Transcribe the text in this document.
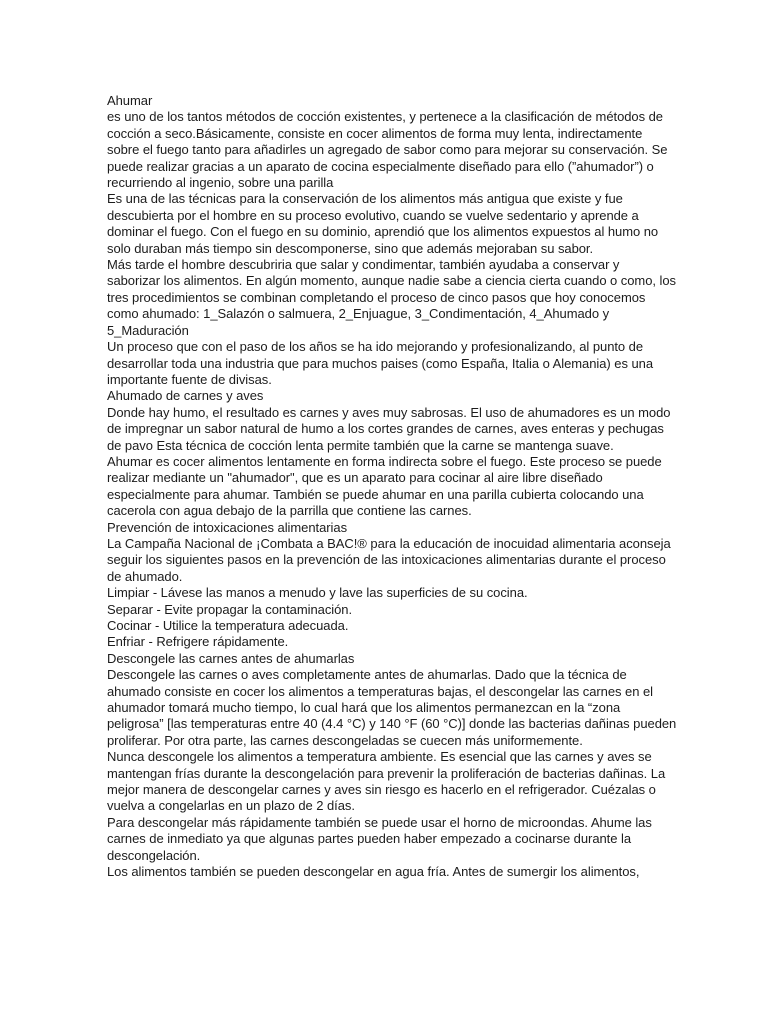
Ahumar
es uno de los tantos métodos de cocción existentes, y pertenece a la clasificación de métodos de
cocción a seco.Básicamente, consiste en cocer alimentos de forma muy lenta, indirectamente
sobre el fuego tanto para añadirles un agregado de sabor como para mejorar su conservación. Se
puede realizar gracias a un aparato de cocina especialmente diseñado para ello (”ahumador”) o
recurriendo al ingenio, sobre una parilla
Es una de las técnicas para la conservación de los alimentos más antigua que existe y fue
descubierta por el hombre en su proceso evolutivo, cuando se vuelve sedentario y aprende a
dominar el fuego. Con el fuego en su dominio, aprendió que los alimentos expuestos al humo no
solo duraban más tiempo sin descomponerse, sino que además mejoraban su sabor.
Más tarde el hombre descubriria que salar y condimentar, también ayudaba a conservar y
saborizar los alimentos. En algún momento, aunque nadie sabe a ciencia cierta cuando o como, los
tres procedimientos se combinan completando el proceso de cinco pasos que hoy conocemos
como ahumado: 1_Salazón o salmuera, 2_Enjuague, 3_Condimentación, 4_Ahumado y
5_Maduración
Un proceso que con el paso de los años se ha ido mejorando y profesionalizando, al punto de
desarrollar toda una industria que para muchos paises (como España, Italia o Alemania) es una
importante fuente de divisas.
Ahumado de carnes y aves
Donde hay humo, el resultado es carnes y aves muy sabrosas. El uso de ahumadores es un modo
de impregnar un sabor natural de humo a los cortes grandes de carnes, aves enteras y pechugas
de pavo Esta técnica de cocción lenta permite también que la carne se mantenga suave.
Ahumar es cocer alimentos lentamente en forma indirecta sobre el fuego. Este proceso se puede
realizar mediante un "ahumador", que es un aparato para cocinar al aire libre diseñado
especialmente para ahumar. También se puede ahumar en una parilla cubierta colocando una
cacerola con agua debajo de la parrilla que contiene las carnes.
Prevención de intoxicaciones alimentarias
La Campaña Nacional de ¡Combata a BAC!® para la educación de inocuidad alimentaria aconseja
seguir los siguientes pasos en la prevención de las intoxicaciones alimentarias durante el proceso
de ahumado.
Limpiar - Lávese las manos a menudo y lave las superficies de su cocina.
Separar - Evite propagar la contaminación.
Cocinar - Utilice la temperatura adecuada.
Enfriar - Refrigere rápidamente.
Descongele las carnes antes de ahumarlas
Descongele las carnes o aves completamente antes de ahumarlas. Dado que la técnica de
ahumado consiste en cocer los alimentos a temperaturas bajas, el descongelar las carnes en el
ahumador tomará mucho tiempo, lo cual hará que los alimentos permanezcan en la “zona
peligrosa” [las temperaturas entre 40 (4.4 °C) y 140 °F (60 °C)] donde las bacterias dañinas pueden
proliferar. Por otra parte, las carnes descongeladas se cuecen más uniformemente.
Nunca descongele los alimentos a temperatura ambiente. Es esencial que las carnes y aves se
mantengan frías durante la descongelación para prevenir la proliferación de bacterias dañinas. La
mejor manera de descongelar carnes y aves sin riesgo es hacerlo en el refrigerador. Cuézalas o
vuelva a congelarlas en un plazo de 2 días.
Para descongelar más rápidamente también se puede usar el horno de microondas. Ahume las
carnes de inmediato ya que algunas partes pueden haber empezado a cocinarse durante la
descongelación.
Los alimentos también se pueden descongelar en agua fría. Antes de sumergir los alimentos,
